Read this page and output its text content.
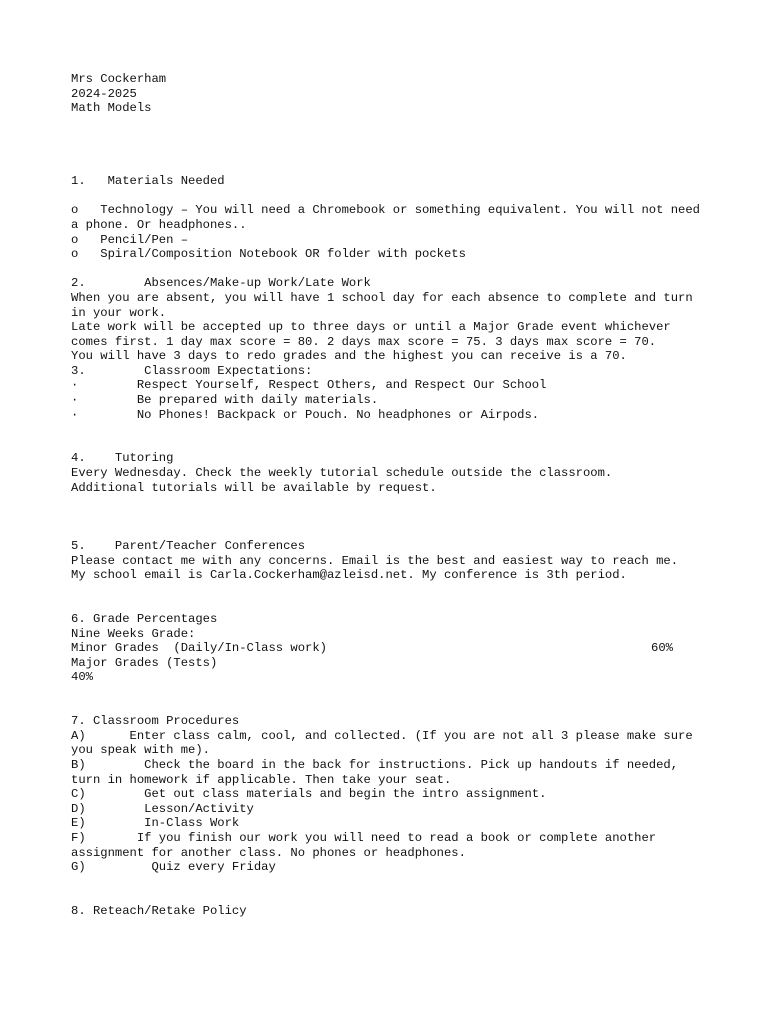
Mrs Cockerham
2024-2025
Math Models
1.   Materials Needed
o   Technology – You will need a Chromebook or something equivalent. You will not need a phone. Or headphones..
o   Pencil/Pen –
o   Spiral/Composition Notebook OR folder with pockets
2.        Absences/Make-up Work/Late Work
When you are absent, you will have 1 school day for each absence to complete and turn in your work.
Late work will be accepted up to three days or until a Major Grade event whichever comes first. 1 day max score = 80. 2 days max score = 75. 3 days max score = 70.
You will have 3 days to redo grades and the highest you can receive is a 70.
3.        Classroom Expectations:
·        Respect Yourself, Respect Others, and Respect Our School
·        Be prepared with daily materials.
·        No Phones! Backpack or Pouch. No headphones or Airpods.
4.    Tutoring
Every Wednesday. Check the weekly tutorial schedule outside the classroom.
Additional tutorials will be available by request.
5.    Parent/Teacher Conferences
Please contact me with any concerns. Email is the best and easiest way to reach me.
My school email is Carla.Cockerham@azleisd.net. My conference is 3th period.
6. Grade Percentages
Nine Weeks Grade:
Minor Grades  (Daily/In-Class work)	60%
Major Grades (Tests)
40%
7. Classroom Procedures
A)      Enter class calm, cool, and collected. (If you are not all 3 please make sure you speak with me).
B)        Check the board in the back for instructions. Pick up handouts if needed, turn in homework if applicable. Then take your seat.
C)        Get out class materials and begin the intro assignment.
D)        Lesson/Activity
E)        In-Class Work
F)       If you finish our work you will need to read a book or complete another assignment for another class. No phones or headphones.
G)         Quiz every Friday
8. Reteach/Retake Policy
